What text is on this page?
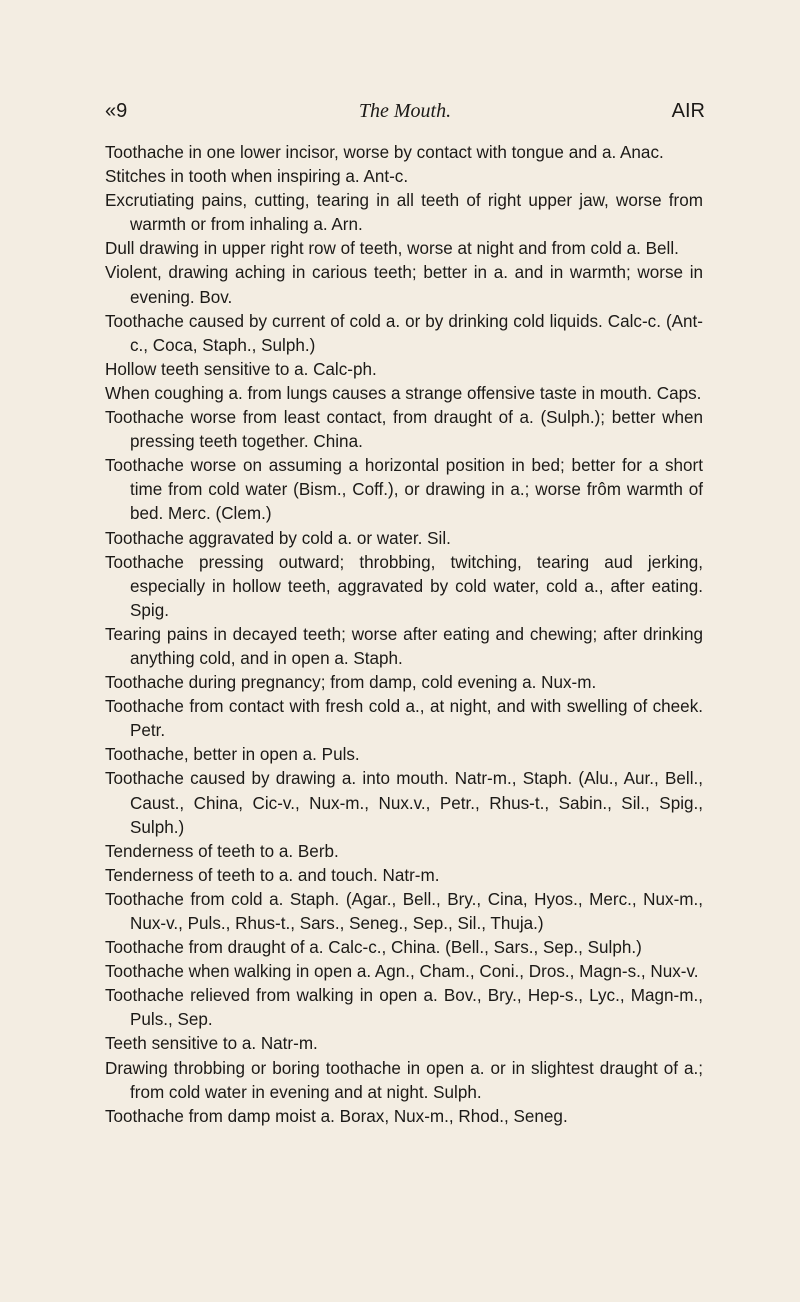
«9	The Mouth.	AIR
Toothache in one lower incisor, worse by contact with tongue and a. Anac.
Stitches in tooth when inspiring a. Ant-c.
Excrutiating pains, cutting, tearing in all teeth of right upper jaw, worse from warmth or from inhaling a. Arn.
Dull drawing in upper right row of teeth, worse at night and from cold a. Bell.
Violent, drawing aching in carious teeth; better in a. and in warmth; worse in evening. Bov.
Toothache caused by current of cold a. or by drinking cold liquids. Calc-c. (Ant-c., Coca, Staph., Sulph.)
Hollow teeth sensitive to a. Calc-ph.
When coughing a. from lungs causes a strange offensive taste in mouth. Caps.
Toothache worse from least contact, from draught of a. (Sulph.); better when pressing teeth together. China.
Toothache worse on assuming a horizontal position in bed; better for a short time from cold water (Bism., Coff.), or drawing in a.; worse frôm warmth of bed. Merc. (Clem.)
Toothache aggravated by cold a. or water. Sil.
Toothache pressing outward; throbbing, twitching, tearing aud jerking, especially in hollow teeth, aggravated by cold water, cold a., after eating. Spig.
Tearing pains in decayed teeth; worse after eating and chewing; after drinking anything cold, and in open a. Staph.
Toothache during pregnancy; from damp, cold evening a. Nux-m.
Toothache from contact with fresh cold a., at night, and with swelling of cheek. Petr.
Toothache, better in open a. Puls.
Toothache caused by drawing a. into mouth. Natr-m., Staph. (Alu., Aur., Bell., Caust., China, Cic-v., Nux-m., Nux.v., Petr., Rhus-t., Sabin., Sil., Spig., Sulph.)
Tenderness of teeth to a. Berb.
Tenderness of teeth to a. and touch. Natr-m.
Toothache from cold a. Staph. (Agar., Bell., Bry., Cina, Hyos., Merc., Nux-m., Nux-v., Puls., Rhus-t., Sars., Seneg., Sep., Sil., Thuja.)
Toothache from draught of a. Calc-c., China. (Bell., Sars., Sep., Sulph.)
Toothache when walking in open a. Agn., Cham., Coni., Dros., Magn-s., Nux-v.
Toothache relieved from walking in open a. Bov., Bry., Hep-s., Lyc., Magn-m., Puls., Sep.
Teeth sensitive to a. Natr-m.
Drawing throbbing or boring toothache in open a. or in slightest draught of a.; from cold water in evening and at night. Sulph.
Toothache from damp moist a. Borax, Nux-m., Rhod., Seneg.
